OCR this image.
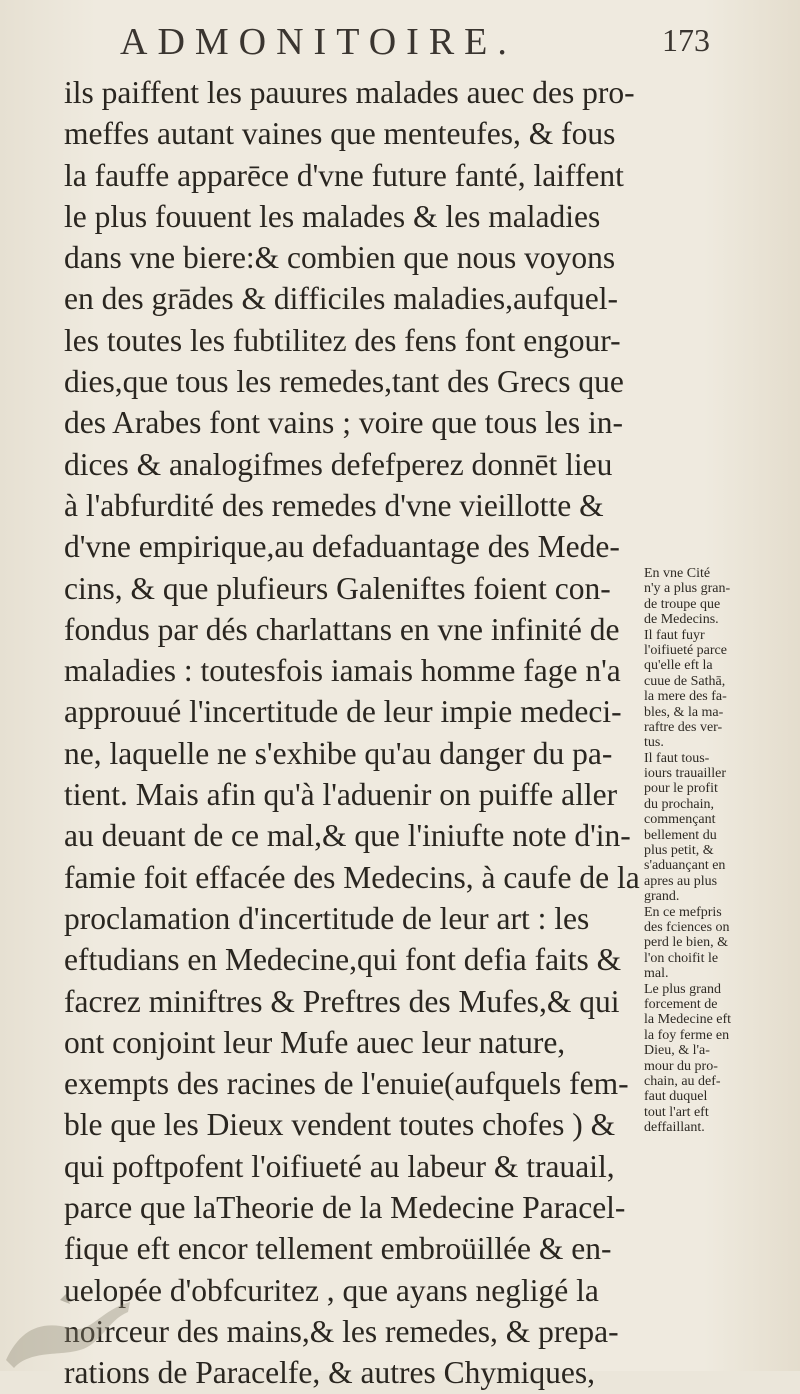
ADMONITOIRE.	173
ils paiffent les pauures malades auec des pro-
meffes autant vaines que menteufes, & fous
la fauffe apparēce d'vne future fanté, laiffent
le plus fouuent les malades & les maladies
dans vne biere:& combien que nous voyons
en des grādes & difficiles maladies,aufquel-
les toutes les fubtilitez des fens font engour-
dies,que tous les remedes,tant des Grecs que
des Arabes font vains ; voire que tous les in-
dices & analogifmes defefperez donnēt lieu
à l'abfurdité des remedes d'vne vieillotte &
d'vne empirique,au defaduantage des Mede-
cins, & que plufieurs Galeniftes foient con-
fondus par dés charlattans en vne infinité de
maladies : toutesfois iamais homme fage n'a
approuué l'incertitude de leur impie medeci-
ne, laquelle ne s'exhibe qu'au danger du pa-
tient. Mais afin qu'à l'aduenir on puiffe aller
au deuant de ce mal,& que l'iniufte note d'in-
famie foit effacée des Medecins, à caufe de la
proclamation d'incertitude de leur art : les
eftudians en Medecine,qui font defia faits &
facrez miniftres & Preftres des Mufes,& qui
ont conjoint leur Mufe auec leur nature,
exempts des racines de l'enuie(aufquels fem-
ble que les Dieux vendent toutes chofes ) &
qui poftpofent l'oifiueté au labeur & trauail,
parce que laTheorie de la Medecine Paracel-
fique eft encor tellement embroüillée & en-
uelopée d'obfcuritez , que ayans negligé la
noirceur des mains,& les remedes, & prepa-
rations de Paracelfe, & autres Chymiques,
En vne Cité
n'y a plus gran-
de troupe que
de Medecins.
Il faut fuyr
l'oifiueté parce
qu'elle eft la
cuue de Sathā,
la mere des fa-
bles, & la ma-
raftre des ver-
tus.
Il faut tous-
iours trauailler
pour le profit
du prochain,
commençant
bellement du
plus petit, &
s'aduançant en
apres au plus
grand.
En ce mefpris
des fciences on
perd le bien, &
l'on choifit le
mal.
Le plus grand
forcement de
la Medecine eft
la foy ferme en
Dieu, & l'a-
mour du pro-
chain, au def-
faut duquel
tout l'art eft
deffaillant.
